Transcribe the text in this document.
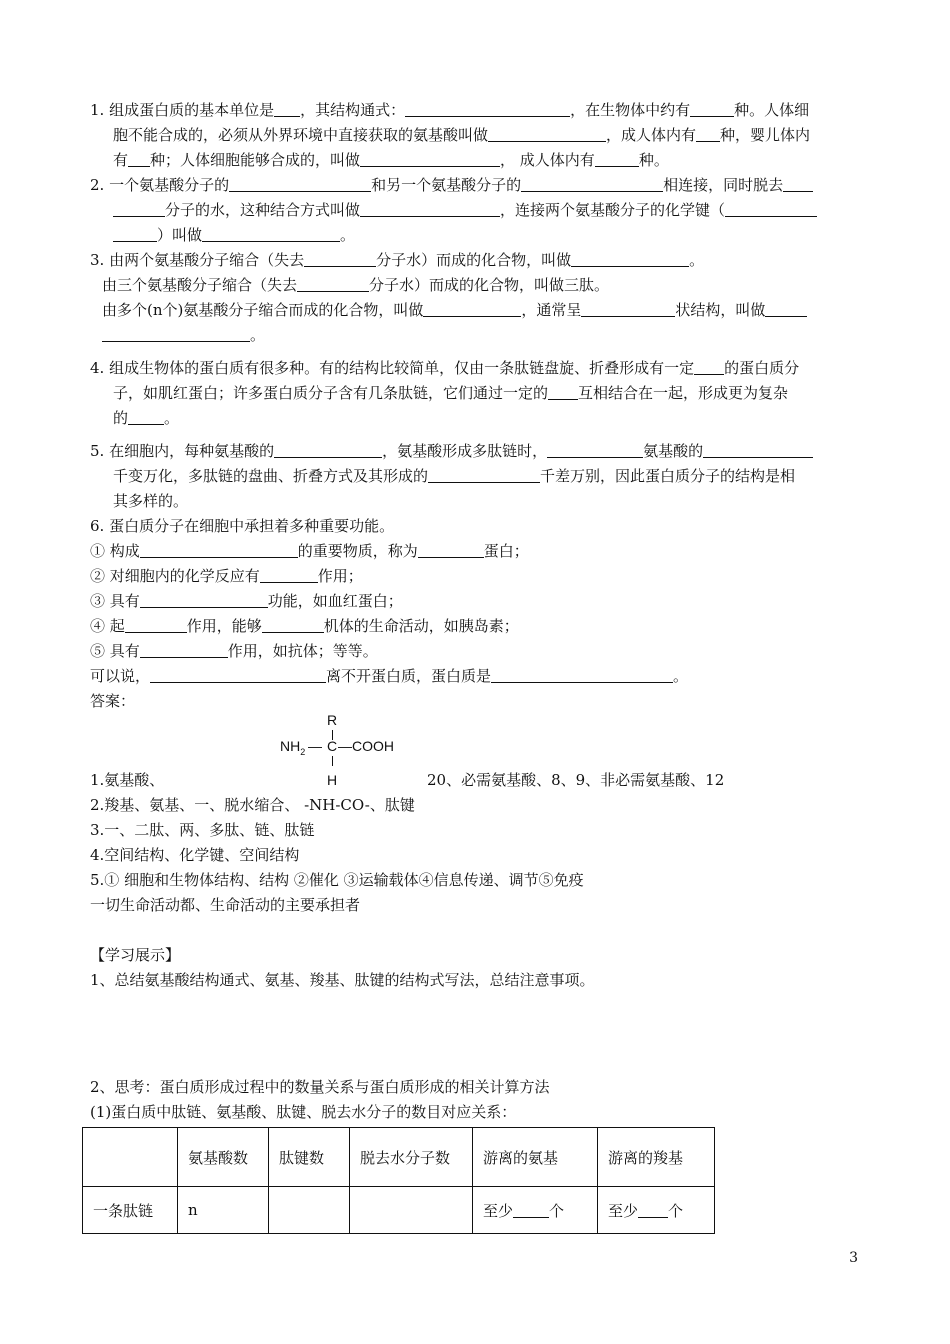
1. 组成蛋白质的基本单位是 ，其结构通式：	，在生物体中约有	种。人体细
胞不能合成的，必须从外界环境中直接获取的氨基酸叫做	，成人体内有 种，婴儿体内
有 种；人体细胞能够合成的，叫做	， 成人体内有	种。

2. 一个氨基酸分子的	和另一个氨基酸分子的	相连接，同时脱去
分子的水，这种结合方式叫做	，连接两个氨基酸分子的化学键（
）叫做	。

3. 由两个氨基酸分子缩合（失去	分子水）而成的化合物，叫做	。

由三个氨基酸分子缩合（失去	分子水）而成的化合物，叫做三肽。

由多个(n个)氨基酸分子缩合而成的化合物，叫做	，通常呈	状结构，叫做
。

4. 组成生物体的蛋白质有很多种。有的结构比较简单，仅由一条肽链盘旋、折叠形成有一定 的蛋白质分
子，如肌红蛋白；许多蛋白质分子含有几条肽链，它们通过一定的 互相结合在一起，形成更为复杂
的 。

5. 在细胞内，每种氨基酸的	，氨基酸形成多肽链时，	氨基酸的
千变万化，多肽链的盘曲、折叠方式及其形成的	千差万别，因此蛋白质分子的结构是相
其多样的。

6. 蛋白质分子在细胞中承担着多种重要功能。

① 构成	的重要物质，称为	蛋白；

② 对细胞内的化学反应有	作用；

③ 具有	功能，如血红蛋白；

④ 起	作用，能够	机体的生命活动，如胰岛素；

⑤ 具有	作用，如抗体；等等。

可以说，	离不开蛋白质，蛋白质是	。

答案：

R
$NH_2$ — C —COOH

1.氨基酸、	H	20、必需氨基酸、8、9、非必需氨基酸、12

2.羧基、氨基、一、脱水缩合、 -NH-CO-、肽键

3.一、二肽、两、多肽、链、肽链

4.空间结构、化学键、空间结构

5.① 细胞和生物体结构、结构 ②催化 ③运输载体④信息传递、调节⑤免疫

一切生命活动都、生命活动的主要承担者

【学习展示】

1、总结氨基酸结构通式、氨基、羧基、肽键的结构式写法，总结注意事项。

2、思考：蛋白质形成过程中的数量关系与蛋白质形成的相关计算方法

(1)蛋白质中肽链、氨基酸、肽键、脱去水分子的数目对应关系：

	氨基酸数	肽键数	脱去水分子数	游离的氨基	游离的羧基
一条肽链	n			至少 个	至少 个
3
